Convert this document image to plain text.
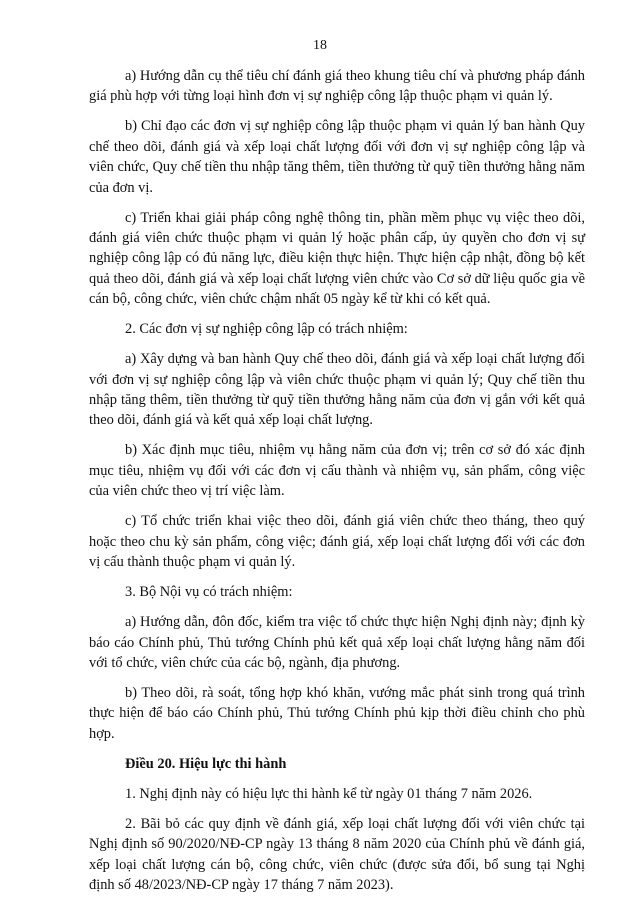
18

a) Hướng dẫn cụ thể tiêu chí đánh giá theo khung tiêu chí và phương pháp đánh giá phù hợp với từng loại hình đơn vị sự nghiệp công lập thuộc phạm vi quản lý.

b) Chỉ đạo các đơn vị sự nghiệp công lập thuộc phạm vi quản lý ban hành Quy chế theo dõi, đánh giá và xếp loại chất lượng đối với đơn vị sự nghiệp công lập và viên chức, Quy chế tiền thu nhập tăng thêm, tiền thưởng từ quỹ tiền thưởng hằng năm của đơn vị.

c) Triển khai giải pháp công nghệ thông tin, phần mềm phục vụ việc theo dõi, đánh giá viên chức thuộc phạm vi quản lý hoặc phân cấp, ủy quyền cho đơn vị sự nghiệp công lập có đủ năng lực, điều kiện thực hiện. Thực hiện cập nhật, đồng bộ kết quả theo dõi, đánh giá và xếp loại chất lượng viên chức vào Cơ sở dữ liệu quốc gia về cán bộ, công chức, viên chức chậm nhất 05 ngày kể từ khi có kết quả.

2. Các đơn vị sự nghiệp công lập có trách nhiệm:

a) Xây dựng và ban hành Quy chế theo dõi, đánh giá và xếp loại chất lượng đối với đơn vị sự nghiệp công lập và viên chức thuộc phạm vi quản lý; Quy chế tiền thu nhập tăng thêm, tiền thưởng từ quỹ tiền thưởng hằng năm của đơn vị gắn với kết quả theo dõi, đánh giá và kết quả xếp loại chất lượng.

b) Xác định mục tiêu, nhiệm vụ hằng năm của đơn vị; trên cơ sở đó xác định mục tiêu, nhiệm vụ đối với các đơn vị cấu thành và nhiệm vụ, sản phẩm, công việc của viên chức theo vị trí việc làm.

c) Tổ chức triển khai việc theo dõi, đánh giá viên chức theo tháng, theo quý hoặc theo chu kỳ sản phẩm, công việc; đánh giá, xếp loại chất lượng đối với các đơn vị cấu thành thuộc phạm vi quản lý.

3. Bộ Nội vụ có trách nhiệm:

a) Hướng dẫn, đôn đốc, kiểm tra việc tổ chức thực hiện Nghị định này; định kỳ báo cáo Chính phủ, Thủ tướng Chính phủ kết quả xếp loại chất lượng hằng năm đối với tổ chức, viên chức của các bộ, ngành, địa phương.

b) Theo dõi, rà soát, tổng hợp khó khăn, vướng mắc phát sinh trong quá trình thực hiện để báo cáo Chính phủ, Thủ tướng Chính phủ kịp thời điều chỉnh cho phù hợp.

Điều 20. Hiệu lực thi hành

1. Nghị định này có hiệu lực thi hành kể từ ngày 01 tháng 7 năm 2026.

2. Bãi bỏ các quy định về đánh giá, xếp loại chất lượng đối với viên chức tại Nghị định số 90/2020/NĐ-CP ngày 13 tháng 8 năm 2020 của Chính phủ về đánh giá, xếp loại chất lượng cán bộ, công chức, viên chức (được sửa đổi, bổ sung tại Nghị định số 48/2023/NĐ-CP ngày 17 tháng 7 năm 2023).
